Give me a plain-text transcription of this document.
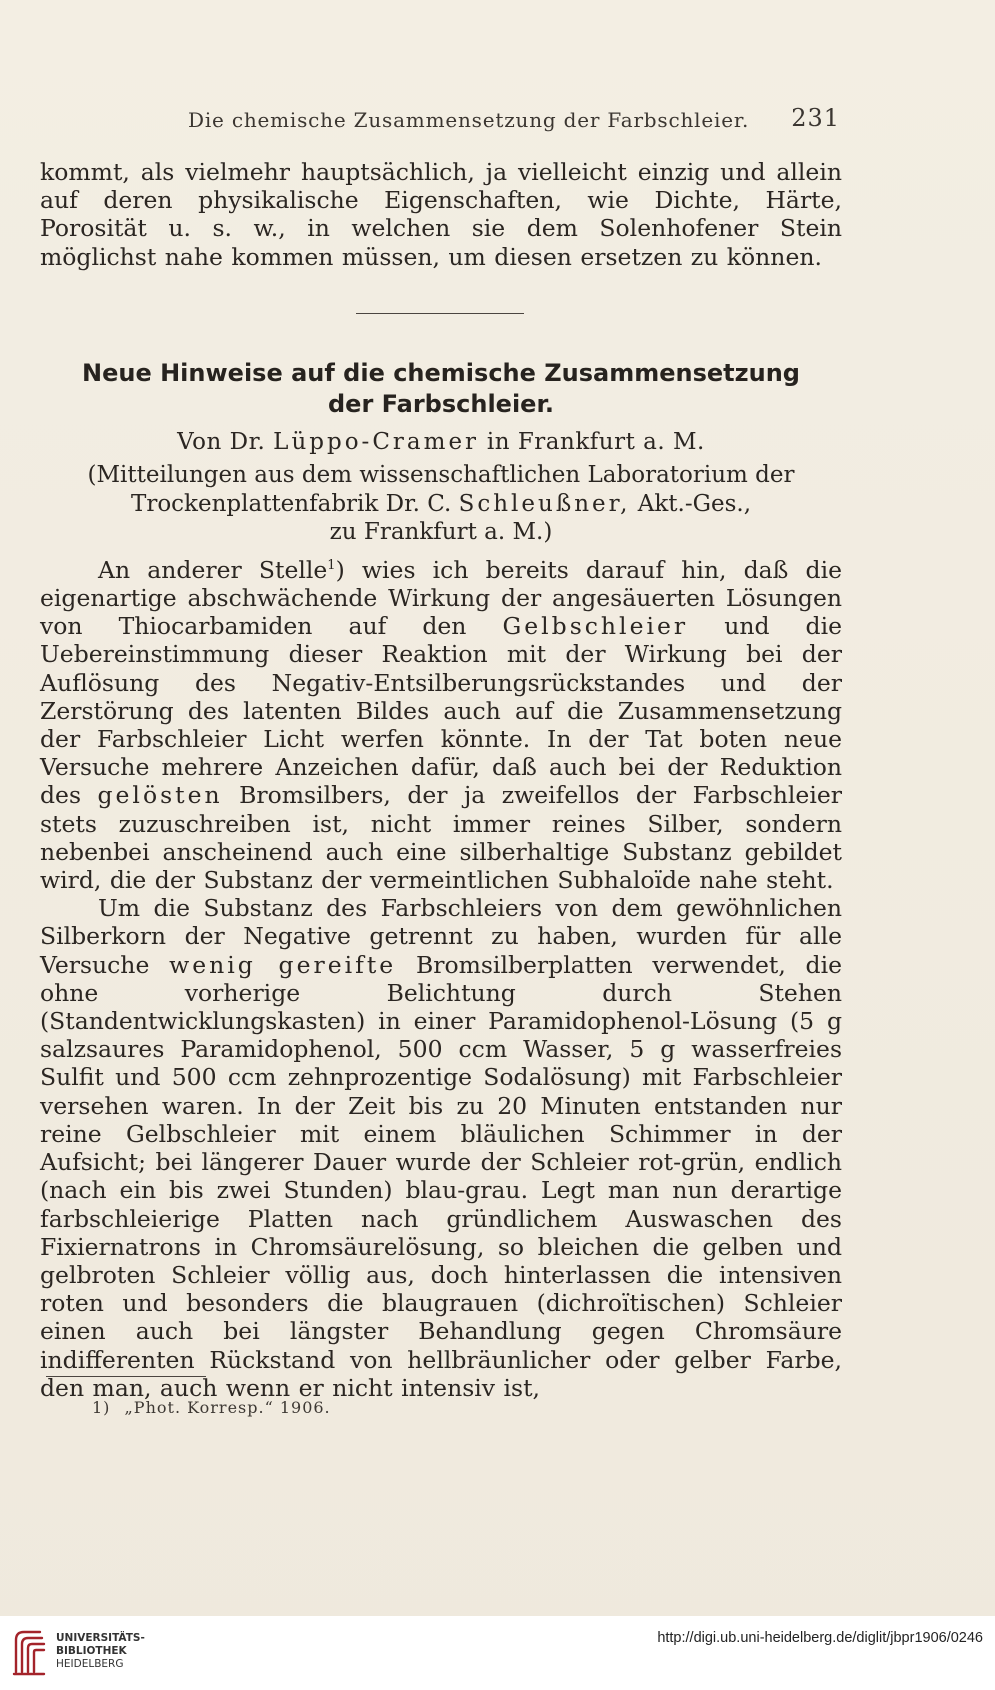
Die chemische Zusammensetzung der Farbschleier. 231
kommt, als vielmehr hauptsächlich, ja vielleicht einzig und allein auf deren physikalische Eigenschaften, wie Dichte, Härte, Porosität u. s. w., in welchen sie dem Solenhofener Stein möglichst nahe kommen müssen, um diesen ersetzen zu können.
Neue Hinweise auf die chemische Zusammensetzung
der Farbschleier.
Von Dr. Lüppo-Cramer in Frankfurt a. M.
(Mitteilungen aus dem wissenschaftlichen Laboratorium der
Trockenplattenfabrik Dr. C. Schleußner, Akt.-Ges.,
zu Frankfurt a. M.)

An anderer Stelle$^1$) wies ich bereits darauf hin, daß die eigenartige abschwächende Wirkung der angesäuerten Lösungen von Thiocarbamiden auf den Gelbschleier und die Uebereinstimmung dieser Reaktion mit der Wirkung bei der Auflösung des Negativ-Entsilberungsrückstandes und der Zerstörung des latenten Bildes auch auf die Zusammensetzung der Farbschleier Licht werfen könnte. In der Tat boten neue Versuche mehrere Anzeichen dafür, daß auch bei der Reduktion des gelösten Bromsilbers, der ja zweifellos der Farbschleier stets zuzuschreiben ist, nicht immer reines Silber, sondern nebenbei anscheinend auch eine silberhaltige Substanz gebildet wird, die der Substanz der vermeintlichen Subhaloïde nahe steht.

Um die Substanz des Farbschleiers von dem gewöhnlichen Silberkorn der Negative getrennt zu haben, wurden für alle Versuche wenig gereifte Bromsilberplatten verwendet, die ohne vorherige Belichtung durch Stehen (Standentwicklungskasten) in einer Paramidophenol-Lösung (5 g salzsaures Paramidophenol, 500 ccm Wasser, 5 g wasserfreies Sulfit und 500 ccm zehnprozentige Sodalösung) mit Farbschleier versehen waren. In der Zeit bis zu 20 Minuten entstanden nur reine Gelbschleier mit einem bläulichen Schimmer in der Aufsicht; bei längerer Dauer wurde der Schleier rot-grün, endlich (nach ein bis zwei Stunden) blau-grau. Legt man nun derartige farbschleierige Platten nach gründlichem Auswaschen des Fixiernatrons in Chromsäurelösung, so bleichen die gelben und gelbroten Schleier völlig aus, doch hinterlassen die intensiven roten und besonders die blaugrauen (dichroïtischen) Schleier einen auch bei längster Behandlung gegen Chromsäure indifferenten Rückstand von hellbräunlicher oder gelber Farbe, den man, auch wenn er nicht intensiv ist,

1) „Phot. Korresp.“ 1906.
UNIVERSITÄTS-
BIBLIOTHEK
HEIDELBERG
http://digi.ub.uni-heidelberg.de/diglit/jbpr1906/0246
